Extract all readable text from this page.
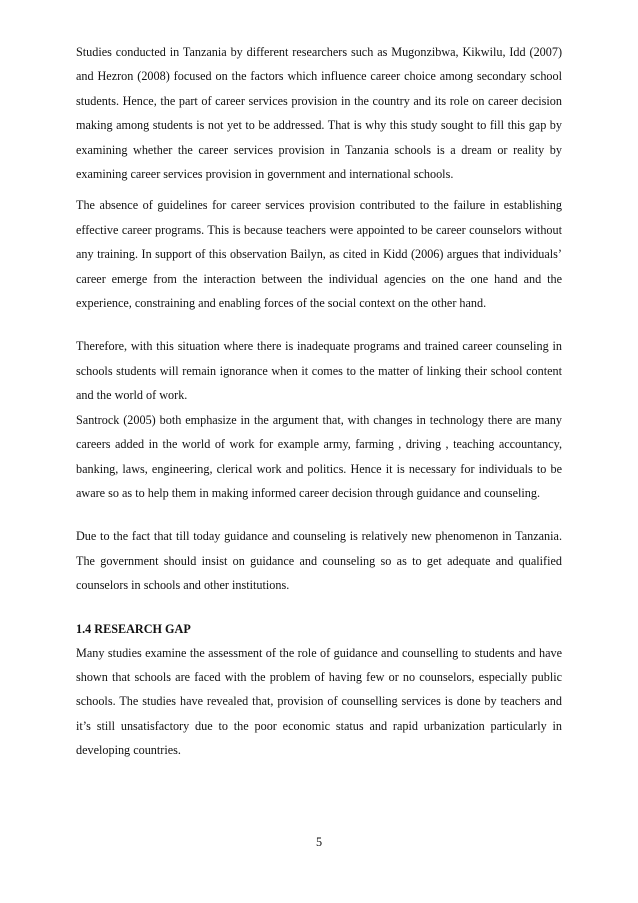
Studies conducted in Tanzania by different researchers such as Mugonzibwa, Kikwilu, Idd (2007) and Hezron (2008) focused on the factors which influence career choice among secondary school students. Hence, the part of career services provision in the country and its role on career decision making among students is not yet to be addressed. That is why this study sought to fill this gap by examining whether the career services provision in Tanzania schools is a dream or reality by examining career services provision in government and international schools.

The absence of guidelines for career services provision contributed to the failure in establishing effective career programs. This is because teachers were appointed to be career counselors without any training. In support of this observation Bailyn, as cited in Kidd (2006) argues that individuals’ career emerge from the interaction between the individual agencies on the one hand and the experience, constraining and enabling forces of the social context on the other hand.

Therefore, with this situation where there is inadequate programs and trained career counseling in schools students will remain ignorance when it comes to the matter of linking their school content and the world of work.

Santrock (2005) both emphasize in the argument that, with changes in technology there are many careers added in the world of work for example army, farming , driving , teaching accountancy, banking, laws, engineering, clerical work and politics. Hence it is necessary for individuals to be aware so as to help them in making informed career decision through guidance and counseling.

Due to the fact that till today guidance and counseling is relatively new phenomenon in Tanzania. The government should insist on guidance and counseling so as to get adequate and qualified counselors in schools and other institutions.

1.4 RESEARCH GAP

Many studies examine the assessment of the role of guidance and counselling to students and have shown that schools are faced with the problem of having few or no counselors, especially public schools. The studies have revealed that, provision of counselling services is done by teachers and it’s still unsatisfactory due to the poor economic status and rapid urbanization particularly in developing countries.

5
